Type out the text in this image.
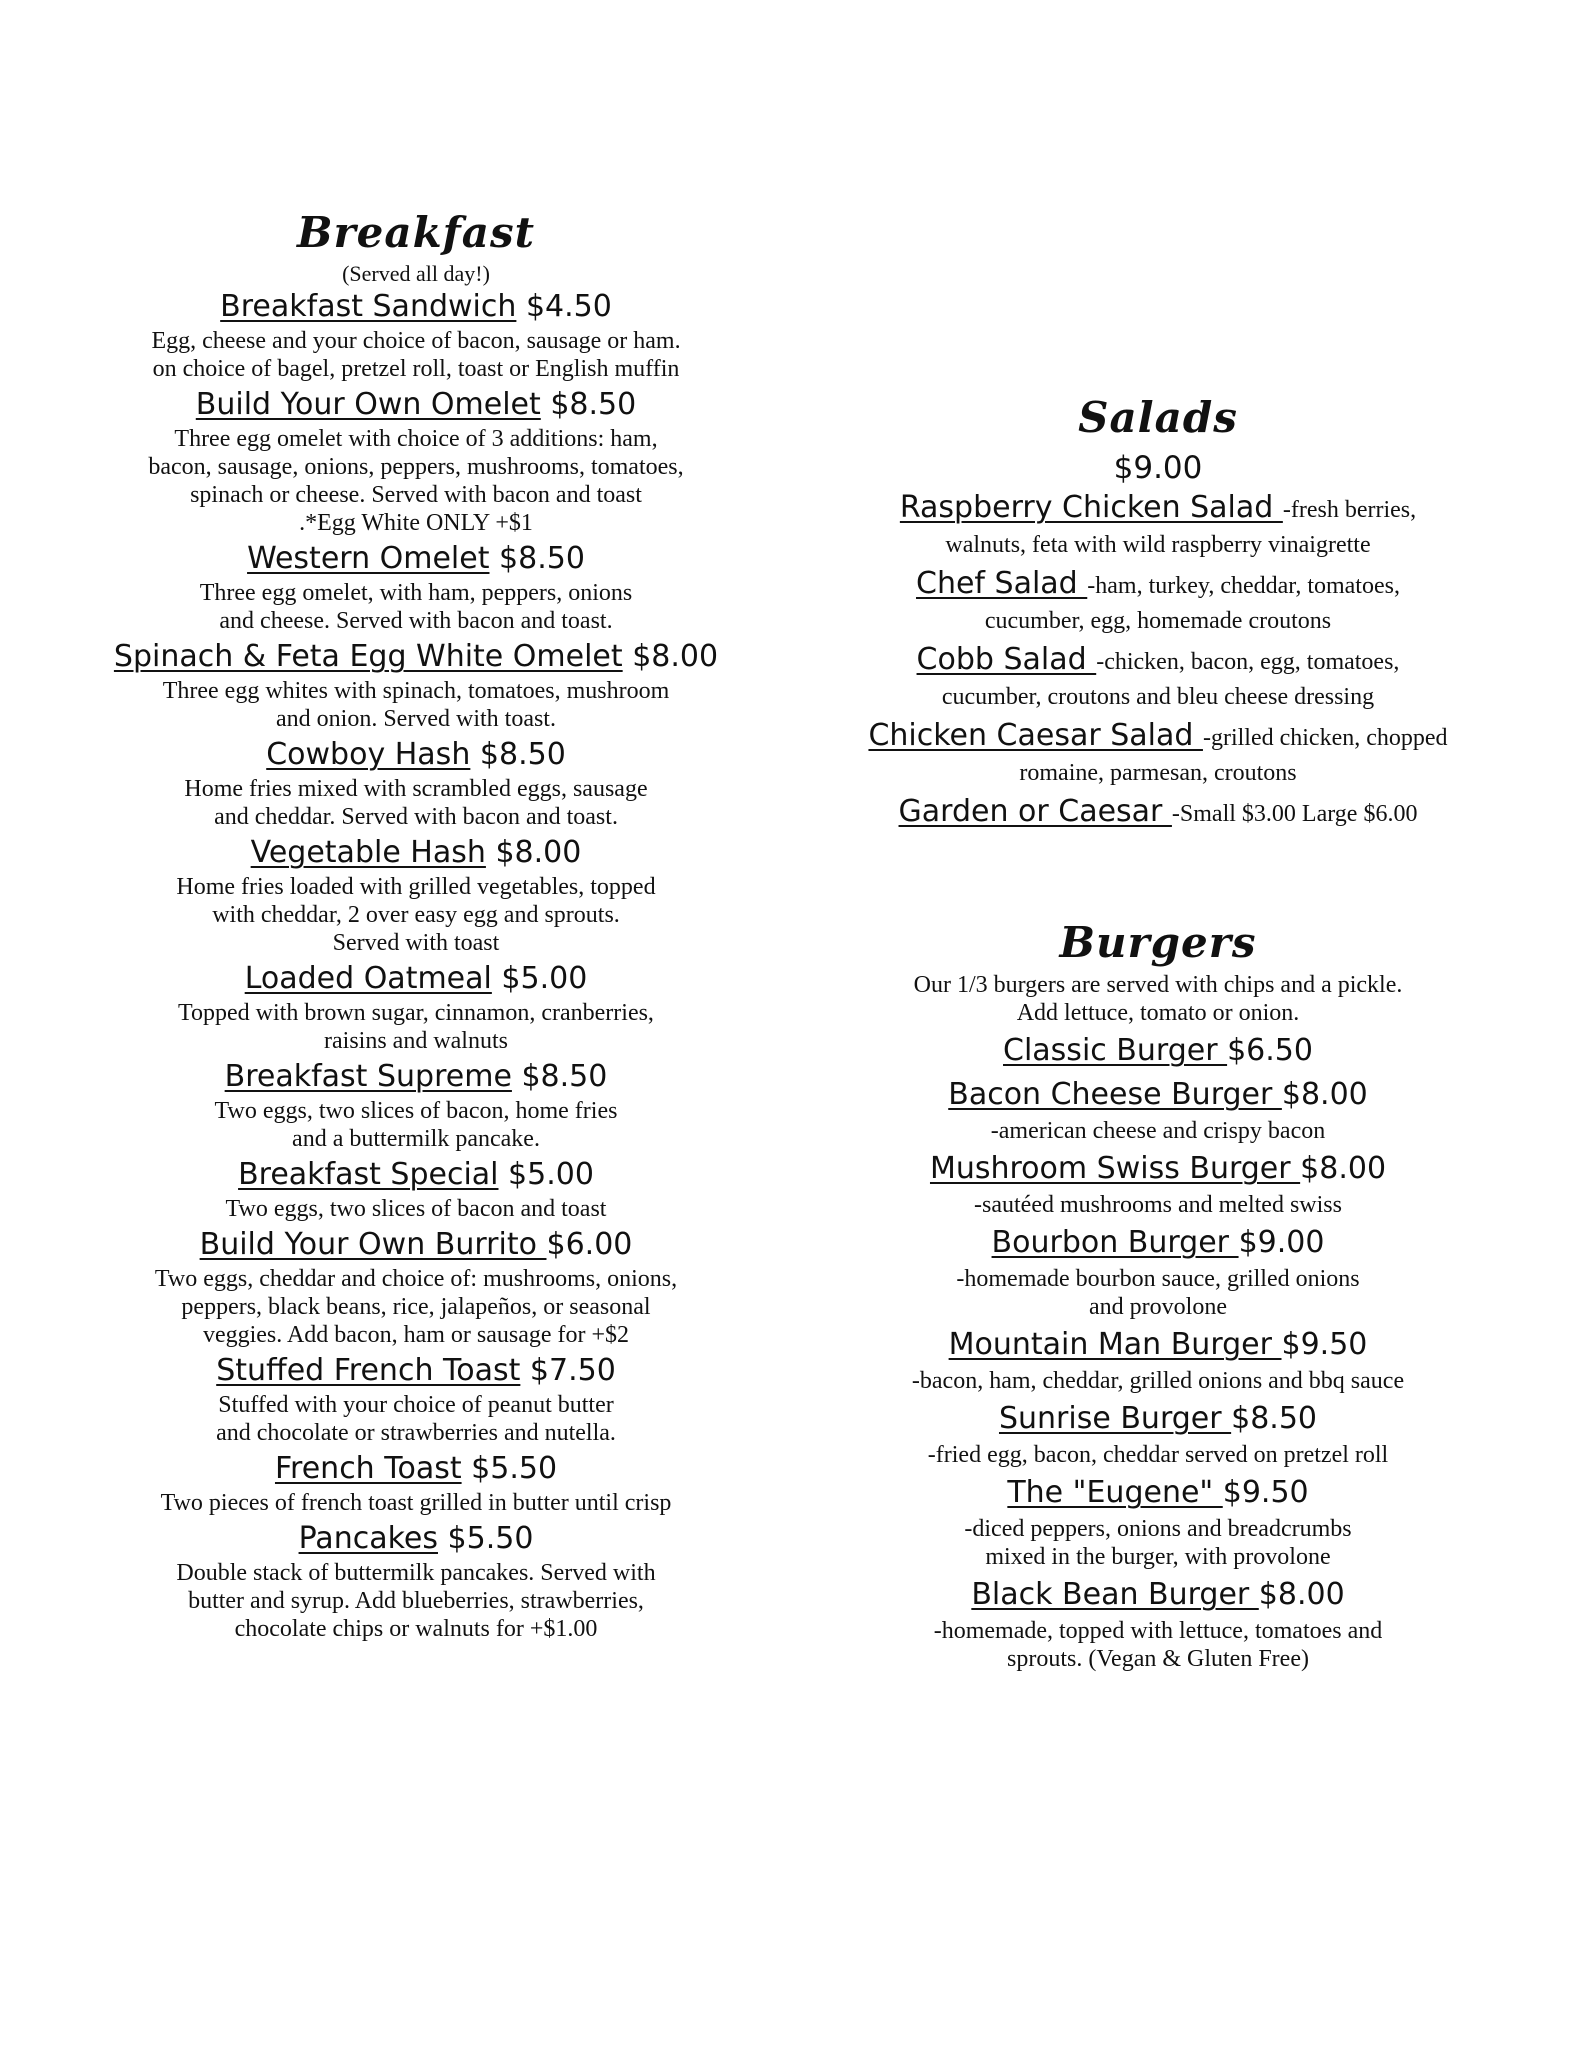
Breakfast
(Served all day!)
Breakfast Sandwich $4.50
Egg, cheese and your choice of bacon, sausage or ham.
on choice of bagel, pretzel roll, toast or English muffin
Build Your Own Omelet $8.50
Three egg omelet with choice of 3 additions: ham,
bacon, sausage, onions, peppers, mushrooms, tomatoes,
spinach or cheese. Served with bacon and toast
.*Egg White ONLY +$1
Western Omelet $8.50
Three egg omelet, with ham, peppers, onions
and cheese. Served with bacon and toast.
Spinach & Feta Egg White Omelet $8.00
Three egg whites with spinach, tomatoes, mushroom
and onion. Served with toast.
Cowboy Hash $8.50
Home fries mixed with scrambled eggs, sausage
and cheddar. Served with bacon and toast.
Vegetable Hash $8.00
Home fries loaded with grilled vegetables, topped
with cheddar, 2 over easy egg and sprouts.
Served with toast
Loaded Oatmeal $5.00
Topped with brown sugar, cinnamon, cranberries,
raisins and walnuts
Breakfast Supreme $8.50
Two eggs, two slices of bacon, home fries
and a buttermilk pancake.
Breakfast Special $5.00
Two eggs, two slices of bacon and toast
Build Your Own Burrito $6.00
Two eggs, cheddar and choice of: mushrooms, onions,
peppers, black beans, rice, jalapeños, or seasonal
veggies. Add bacon, ham or sausage for +$2
Stuffed French Toast $7.50
Stuffed with your choice of peanut butter
and chocolate or strawberries and nutella.
French Toast $5.50
Two pieces of french toast grilled in butter until crisp
Pancakes $5.50
Double stack of buttermilk pancakes. Served with
butter and syrup. Add blueberries, strawberries,
chocolate chips or walnuts for +$1.00
Salads
$9.00
Raspberry Chicken Salad -fresh berries,
walnuts, feta with wild raspberry vinaigrette
Chef Salad -ham, turkey, cheddar, tomatoes,
cucumber, egg, homemade croutons
Cobb Salad -chicken, bacon, egg, tomatoes,
cucumber, croutons and bleu cheese dressing
Chicken Caesar Salad -grilled chicken, chopped
romaine, parmesan, croutons
Garden or Caesar -Small $3.00 Large $6.00
Burgers
Our 1/3 burgers are served with chips and a pickle.
Add lettuce, tomato or onion.
Classic Burger $6.50
Bacon Cheese Burger $8.00
-american cheese and crispy bacon
Mushroom Swiss Burger $8.00
-sautéed mushrooms and melted swiss
Bourbon Burger $9.00
-homemade bourbon sauce, grilled onions
and provolone
Mountain Man Burger $9.50
-bacon, ham, cheddar, grilled onions and bbq sauce
Sunrise Burger $8.50
-fried egg, bacon, cheddar served on pretzel roll
The "Eugene" $9.50
-diced peppers, onions and breadcrumbs
mixed in the burger, with provolone
Black Bean Burger $8.00
-homemade, topped with lettuce, tomatoes and
sprouts. (Vegan & Gluten Free)
